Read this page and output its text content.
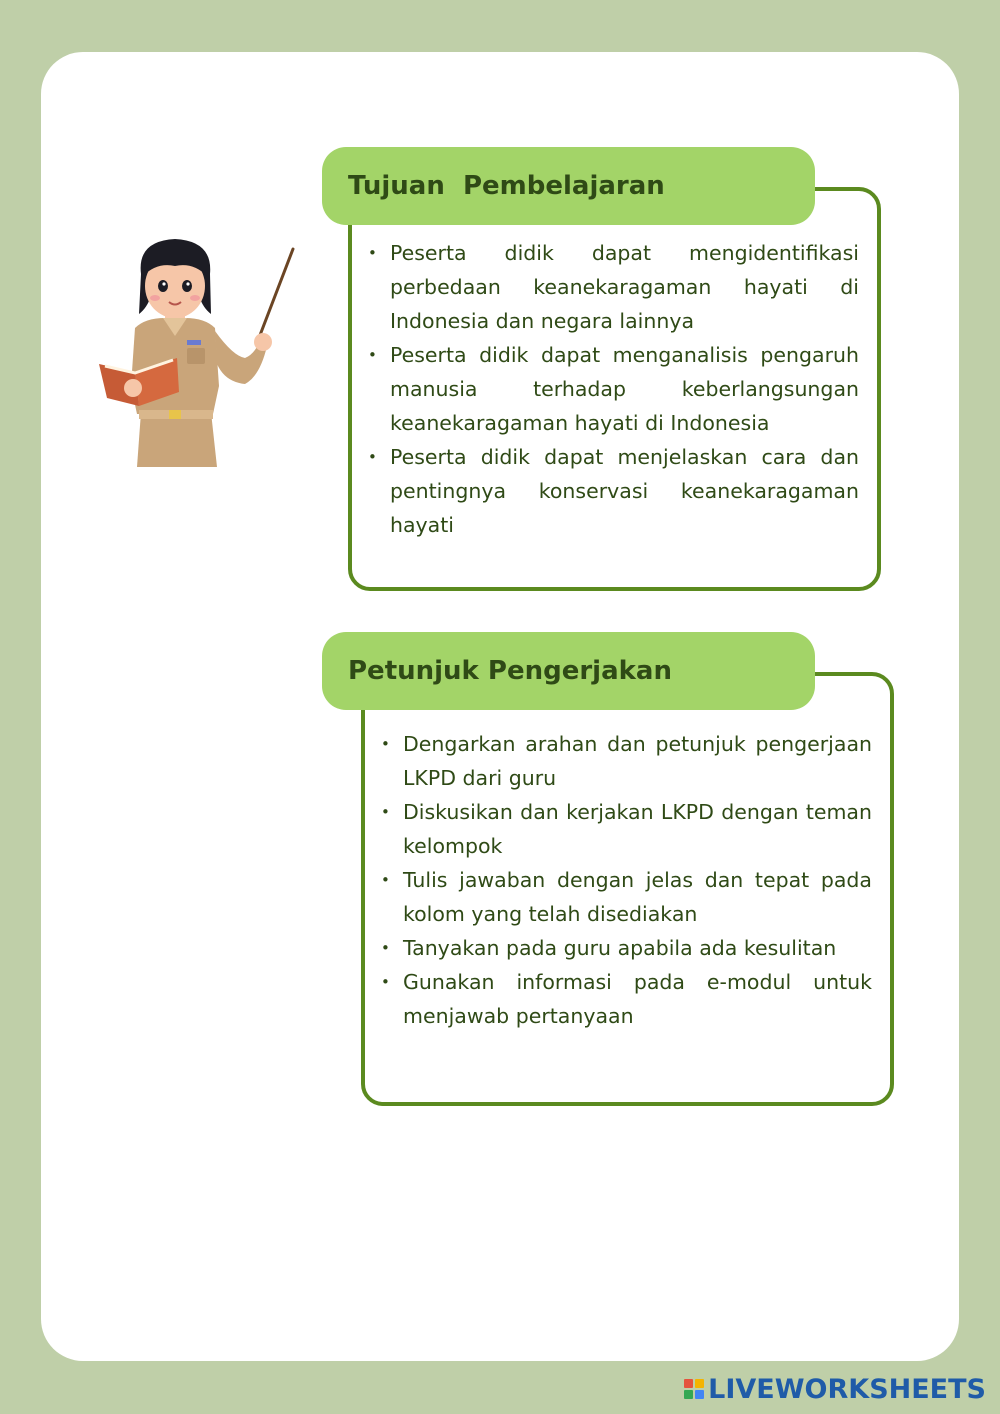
• Peserta didik dapat mengidentifikasi perbedaan keanekaragaman hayati di Indonesia dan negara lainnya
• Peserta didik dapat menganalisis pengaruh manusia terhadap keberlangsungan keanekaragaman hayati di Indonesia
• Peserta didik dapat menjelaskan cara dan pentingnya konservasi keanekaragaman hayati
Tujuan  Pembelajaran
• Dengarkan arahan dan petunjuk pengerjaan LKPD dari guru
• Diskusikan dan kerjakan LKPD dengan teman kelompok
• Tulis jawaban dengan jelas dan tepat pada kolom yang telah disediakan
• Tanyakan pada guru apabila ada kesulitan
• Gunakan informasi pada e-modul untuk menjawab pertanyaan
Petunjuk Pengerjakan
LIVEWORKSHEETS
